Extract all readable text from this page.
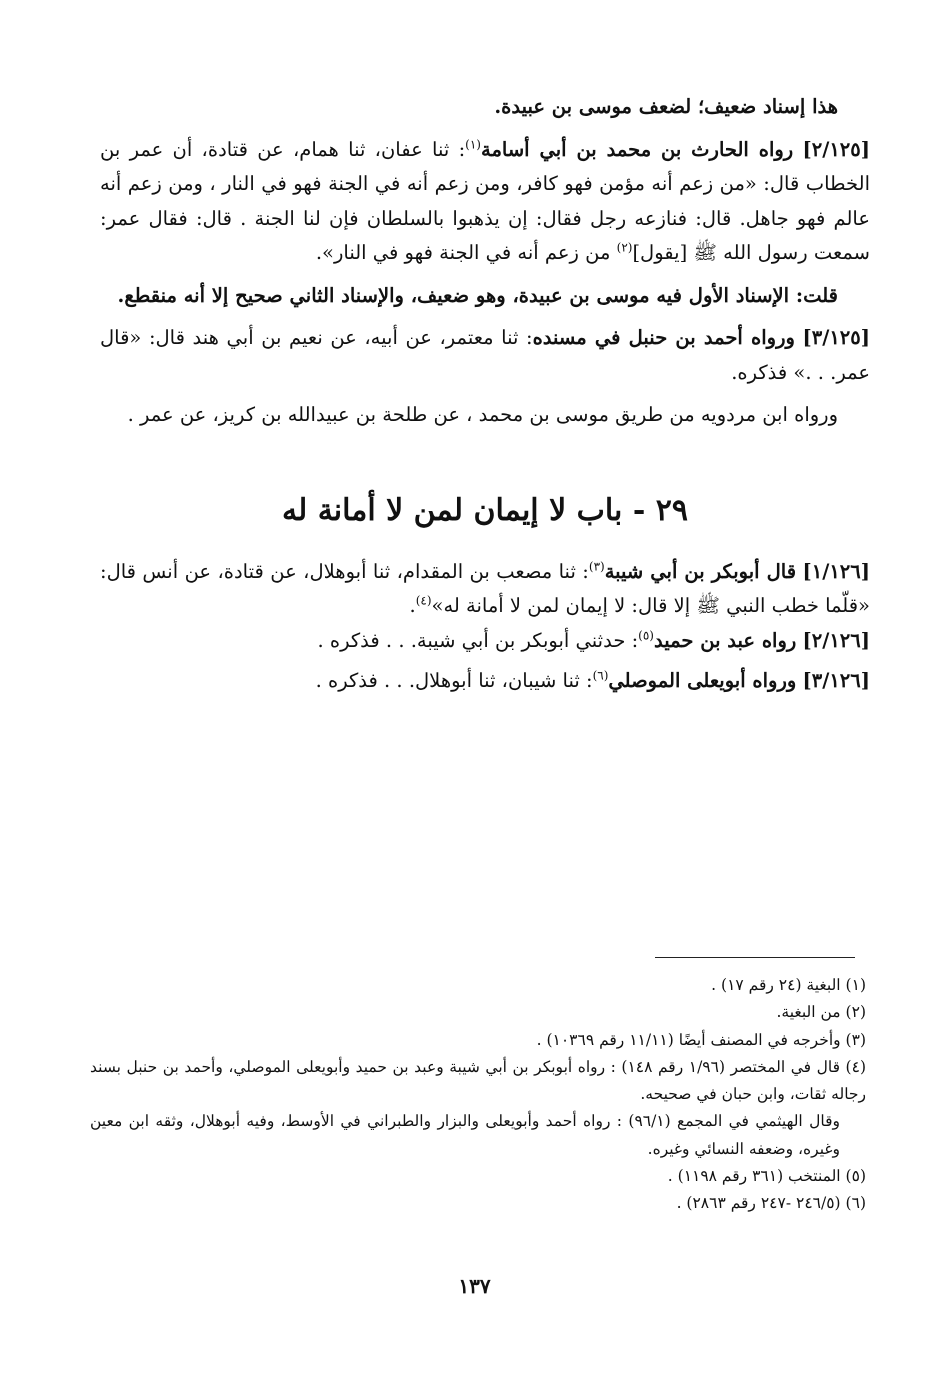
هذا إسناد ضعيف؛ لضعف موسى بن عبيدة.

[٢/١٢٥] رواه الحارث بن محمد بن أبي أسامة$^{(١)}$: ثنا عفان، ثنا همام، عن قتادة، أن عمر بن الخطاب قال: «من زعم أنه مؤمن فهو كافر، ومن زعم أنه في الجنة فهو في النار ، ومن زعم أنه عالم فهو جاهل. قال: فنازعه رجل فقال: إن يذهبوا بالسلطان فإن لنا الجنة . قال: فقال عمر: سمعت رسول الله ﷺ [يقول]$^{(٢)}$ من زعم أنه في الجنة فهو في النار».

قلت: الإسناد الأول فيه موسى بن عبيدة، وهو ضعيف، والإسناد الثاني صحيح إلا أنه منقطع.

[٣/١٢٥] ورواه أحمد بن حنبل في مسنده: ثنا معتمر، عن أبيه، عن نعيم بن أبي هند قال: «قال عمر. . .» فذكره.

ورواه ابن مردويه من طريق موسى بن محمد ، عن طلحة بن عبيدالله بن كريز، عن عمر .

٢٩ - باب لا إيمان لمن لا أمانة له

[١/١٢٦] قال أبوبكر بن أبي شيبة$^{(٣)}$: ثنا مصعب بن المقدام، ثنا أبوهلال، عن قتادة، عن أنس قال: «قلّما خطب النبي ﷺ إلا قال: لا إيمان لمن لا أمانة له»$^{(٤)}$.

[٢/١٢٦] رواه عبد بن حميد$^{(٥)}$: حدثني أبوبكر بن أبي شيبة. . . فذكره .

[٣/١٢٦] ورواه أبويعلى الموصلي$^{(٦)}$: ثنا شيبان، ثنا أبوهلال. . . فذكره .

(١) البغية (٢٤ رقم ١٧) .

(٢) من البغية.

(٣) وأخرجه في المصنف أيضًا (١١/١١ رقم ١٠٣٦٩) .

(٤) قال في المختصر (١/٩٦ رقم ١٤٨) : رواه أبوبكر بن أبي شيبة وعبد بن حميد وأبويعلى الموصلي، وأحمد بن حنبل بسند رجاله ثقات، وابن حبان في صحيحه.

وقال الهيثمي في المجمع (٩٦/١) : رواه أحمد وأبويعلى والبزار والطبراني في الأوسط، وفيه أبوهلال، وثقه ابن معين وغيره، وضعفه النسائي وغيره.

(٥) المنتخب (٣٦١ رقم ١١٩٨) .

(٦) (٢٤٦/٥ -٢٤٧ رقم ٢٨٦٣) .

١٣٧
